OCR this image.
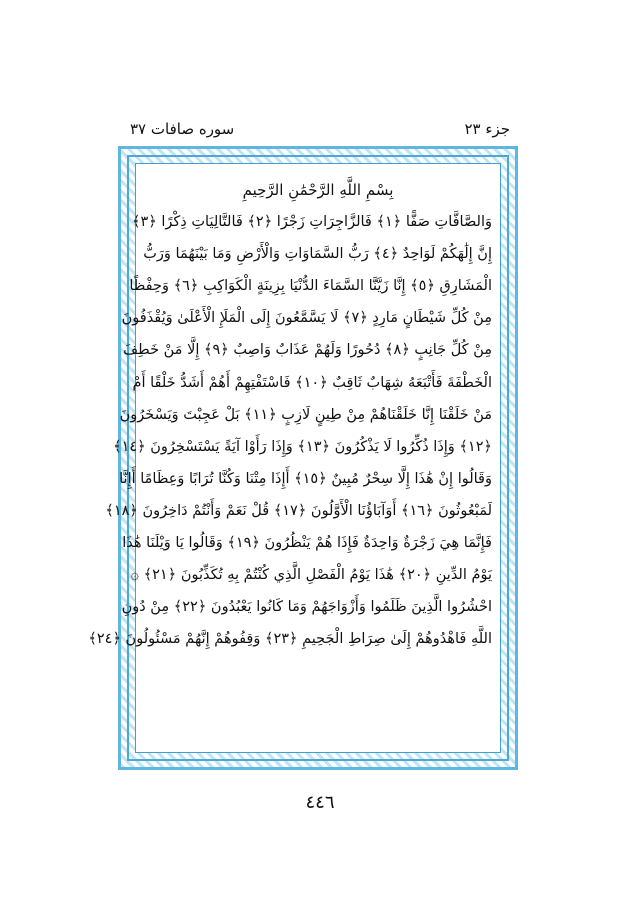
جزء ٢٣
سوره صافات ٣٧
بِسْمِ اللَّهِ الرَّحْمَٰنِ الرَّحِيمِ
وَالصَّافَّاتِ صَفًّا ﴿١﴾ فَالزَّاجِرَاتِ زَجْرًا ﴿٢﴾ فَالتَّالِيَاتِ ذِكْرًا ﴿٣﴾
إِنَّ إِلَٰهَكُمْ لَوَاحِدٌ ﴿٤﴾ رَبُّ السَّمَاوَاتِ وَالْأَرْضِ وَمَا بَيْنَهُمَا وَرَبُّ
الْمَشَارِقِ ﴿٥﴾ إِنَّا زَيَّنَّا السَّمَاءَ الدُّنْيَا بِزِينَةٍ الْكَوَاكِبِ ﴿٦﴾ وَحِفْظًا
مِنْ كُلِّ شَيْطَانٍ مَارِدٍ ﴿٧﴾ لَا يَسَّمَّعُونَ إِلَى الْمَلَإِ الْأَعْلَىٰ وَيُقْذَفُونَ
مِنْ كُلِّ جَانِبٍ ﴿٨﴾ دُحُورًا وَلَهُمْ عَذَابٌ وَاصِبٌ ﴿٩﴾ إِلَّا مَنْ خَطِفَ
الْخَطْفَةَ فَأَتْبَعَهُ شِهَابٌ ثَاقِبٌ ﴿١٠﴾ فَاسْتَفْتِهِمْ أَهُمْ أَشَدُّ خَلْقًا أَمْ
مَنْ خَلَقْنَا إِنَّا خَلَقْنَاهُمْ مِنْ طِينٍ لَازِبٍ ﴿١١﴾ بَلْ عَجِبْتَ وَيَسْخَرُونَ
﴿١٢﴾ وَإِذَا ذُكِّرُوا لَا يَذْكُرُونَ ﴿١٣﴾ وَإِذَا رَأَوْا آيَةً يَسْتَسْخِرُونَ ﴿١٤﴾
وَقَالُوا إِنْ هَٰذَا إِلَّا سِحْرٌ مُبِينٌ ﴿١٥﴾ أَإِذَا مِتْنَا وَكُنَّا تُرَابًا وَعِظَامًا أَإِنَّا
لَمَبْعُوثُونَ ﴿١٦﴾ أَوَآبَاؤُنَا الْأَوَّلُونَ ﴿١٧﴾ قُلْ نَعَمْ وَأَنْتُمْ دَاخِرُونَ ﴿١٨﴾
فَإِنَّمَا هِيَ زَجْرَةٌ وَاحِدَةٌ فَإِذَا هُمْ يَنْظُرُونَ ﴿١٩﴾ وَقَالُوا يَا وَيْلَنَا هَٰذَا
يَوْمُ الدِّينِ ﴿٢٠﴾ هَٰذَا يَوْمُ الْفَصْلِ الَّذِي كُنْتُمْ بِهِ تُكَذِّبُونَ ﴿٢١﴾ ۞
احْشُرُوا الَّذِينَ ظَلَمُوا وَأَزْوَاجَهُمْ وَمَا كَانُوا يَعْبُدُونَ ﴿٢٢﴾ مِنْ دُونِ
اللَّهِ فَاهْدُوهُمْ إِلَىٰ صِرَاطِ الْجَحِيمِ ﴿٢٣﴾ وَقِفُوهُمْ إِنَّهُمْ مَسْئُولُونَ ﴿٢٤﴾
٤٤٦
